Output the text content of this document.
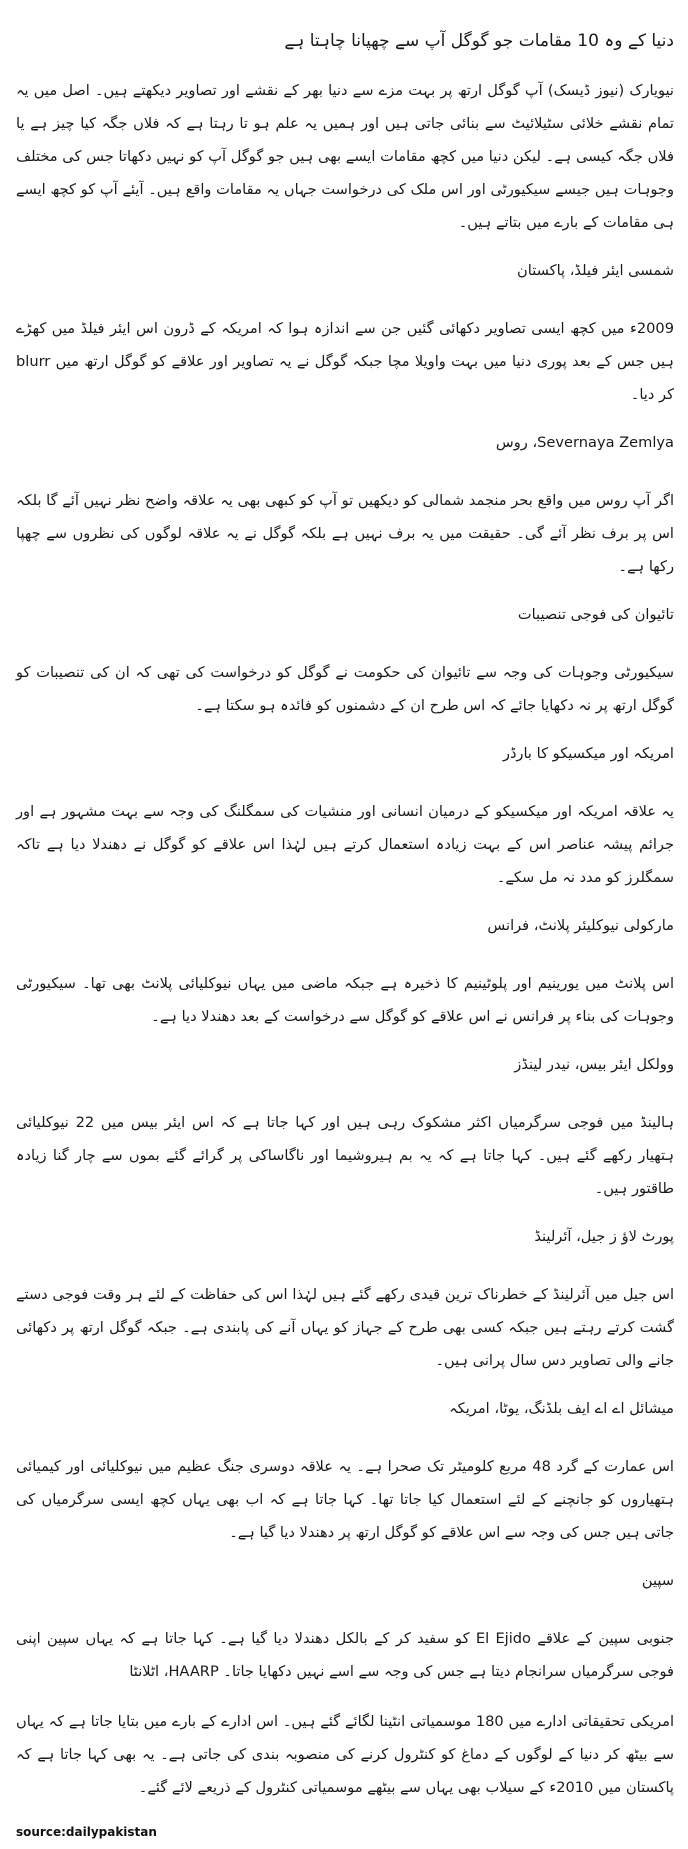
دنیا کے وہ 10 مقامات جو گوگل آپ سے چھپانا چاہتا ہے
نیویارک (نیوز ڈیسک) آپ گوگل ارتھ پر بہت مزے سے دنیا بھر کے نقشے اور تصاویر دیکھتے ہیں۔ اصل میں یہ تمام نقشے خلائی سٹیلائیٹ سے بنائی جاتی ہیں اور ہمیں یہ علم ہو تا رہتا ہے کہ فلاں جگہ کیا چیز ہے یا فلاں جگہ کیسی ہے۔ لیکن دنیا میں کچھ مقامات ایسے بھی ہیں جو گوگل آپ کو نہیں دکھاتا جس کی مختلف وجوہات ہیں جیسے سیکیورٹی اور اس ملک کی درخواست جہاں یہ مقامات واقع ہیں۔ آیئے آپ کو کچھ ایسے ہی مقامات کے بارے میں بتاتے ہیں۔
شمسی ایئر فیلڈ، پاکستان
2009ء میں کچھ ایسی تصاویر دکھائی گئیں جن سے اندازہ ہوا کہ امریکہ کے ڈرون اس ایئر فیلڈ میں کھڑے ہیں جس کے بعد پوری دنیا میں بہت واویلا مچا جبکہ گوگل نے یہ تصاویر اور علاقے کو گوگل ارتھ میں blurr کر دیا۔
Severnaya Zemlya، روس
اگر آپ روس میں واقع بحر منجمد شمالی کو دیکھیں تو آپ کو کبھی بھی یہ علاقہ واضح نظر نہیں آئے گا بلکہ اس پر برف نظر آئے گی۔ حقیقت میں یہ برف نہیں ہے بلکہ گوگل نے یہ علاقہ لوگوں کی نظروں سے چھپا رکھا ہے۔
تائیوان کی فوجی تنصیبات
سیکیورٹی وجوہات کی وجہ سے تائیوان کی حکومت نے گوگل کو درخواست کی تھی کہ ان کی تنصیبات کو گوگل ارتھ پر نہ دکھایا جائے کہ اس طرح ان کے دشمنوں کو فائدہ ہو سکتا ہے۔
امریکہ اور میکسیکو کا بارڈر
یہ علاقہ امریکہ اور میکسیکو کے درمیان انسانی اور منشیات کی سمگلنگ کی وجہ سے بہت مشہور ہے اور جرائم پیشہ عناصر اس کے بہت زیادہ استعمال کرتے ہیں لہٰذا اس علاقے کو گوگل نے دھندلا دیا ہے تاکہ سمگلرز کو مدد نہ مل سکے۔
مارکولی نیوکلیئر پلانٹ، فرانس
اس پلانٹ میں یورینیم اور پلوٹینیم کا ذخیرہ ہے جبکہ ماضی میں یہاں نیوکلیائی پلانٹ بھی تھا۔ سیکیورٹی وجوہات کی بناء پر فرانس نے اس علاقے کو گوگل سے درخواست کے بعد دھندلا دیا ہے۔
وولکل ایئر بیس، نیدر لینڈز
ہالینڈ میں فوجی سرگرمیاں اکثر مشکوک رہی ہیں اور کہا جاتا ہے کہ اس ایئر بیس میں 22 نیوکلیائی ہتھیار رکھے گئے ہیں۔ کہا جاتا ہے کہ یہ بم ہیروشیما اور ناگاساکی پر گرائے گئے بموں سے چار گنا زیادہ طاقتور ہیں۔
پورٹ لاؤ ز جیل، آئرلینڈ
اس جیل میں آئرلینڈ کے خطرناک ترین قیدی رکھے گئے ہیں لہٰذا اس کی حفاظت کے لئے ہر وقت فوجی دستے گشت کرتے رہتے ہیں جبکہ کسی بھی طرح کے جہاز کو یہاں آنے کی پابندی ہے۔ جبکہ گوگل ارتھ پر دکھائی جانے والی تصاویر دس سال پرانی ہیں۔
میشائل اے اے ایف بلڈنگ، یوٹا، امریکہ
اس عمارت کے گرد 48 مربع کلومیٹر تک صحرا ہے۔ یہ علاقہ دوسری جنگ عظیم میں نیوکلیائی اور کیمیائی ہتھیاروں کو جانچنے کے لئے استعمال کیا جاتا تھا۔ کہا جاتا ہے کہ اب بھی یہاں کچھ ایسی سرگرمیاں کی جاتی ہیں جس کی وجہ سے اس علاقے کو گوگل ارتھ پر دھندلا دیا گیا ہے۔
سپین
جنوبی سپین کے علاقے El Ejido کو سفید کر کے بالکل دھندلا دیا گیا ہے۔ کہا جاتا ہے کہ یہاں سپین اپنی فوجی سرگرمیاں سرانجام دیتا ہے جس کی وجہ سے اسے نہیں دکھایا جاتا۔ HAARP، اٹلانٹا
امریکی تحقیقاتی ادارے میں 180 موسمیاتی انٹینا لگائے گئے ہیں۔ اس ادارے کے بارے میں بتایا جاتا ہے کہ یہاں سے بیٹھ کر دنیا کے لوگوں کے دماغ کو کنٹرول کرنے کی منصوبہ بندی کی جاتی ہے۔ یہ بھی کہا جاتا ہے کہ پاکستان میں 2010ء کے سیلاب بھی یہاں سے بیٹھے موسمیاتی کنٹرول کے ذریعے لائے گئے۔
source:dailypakistan
